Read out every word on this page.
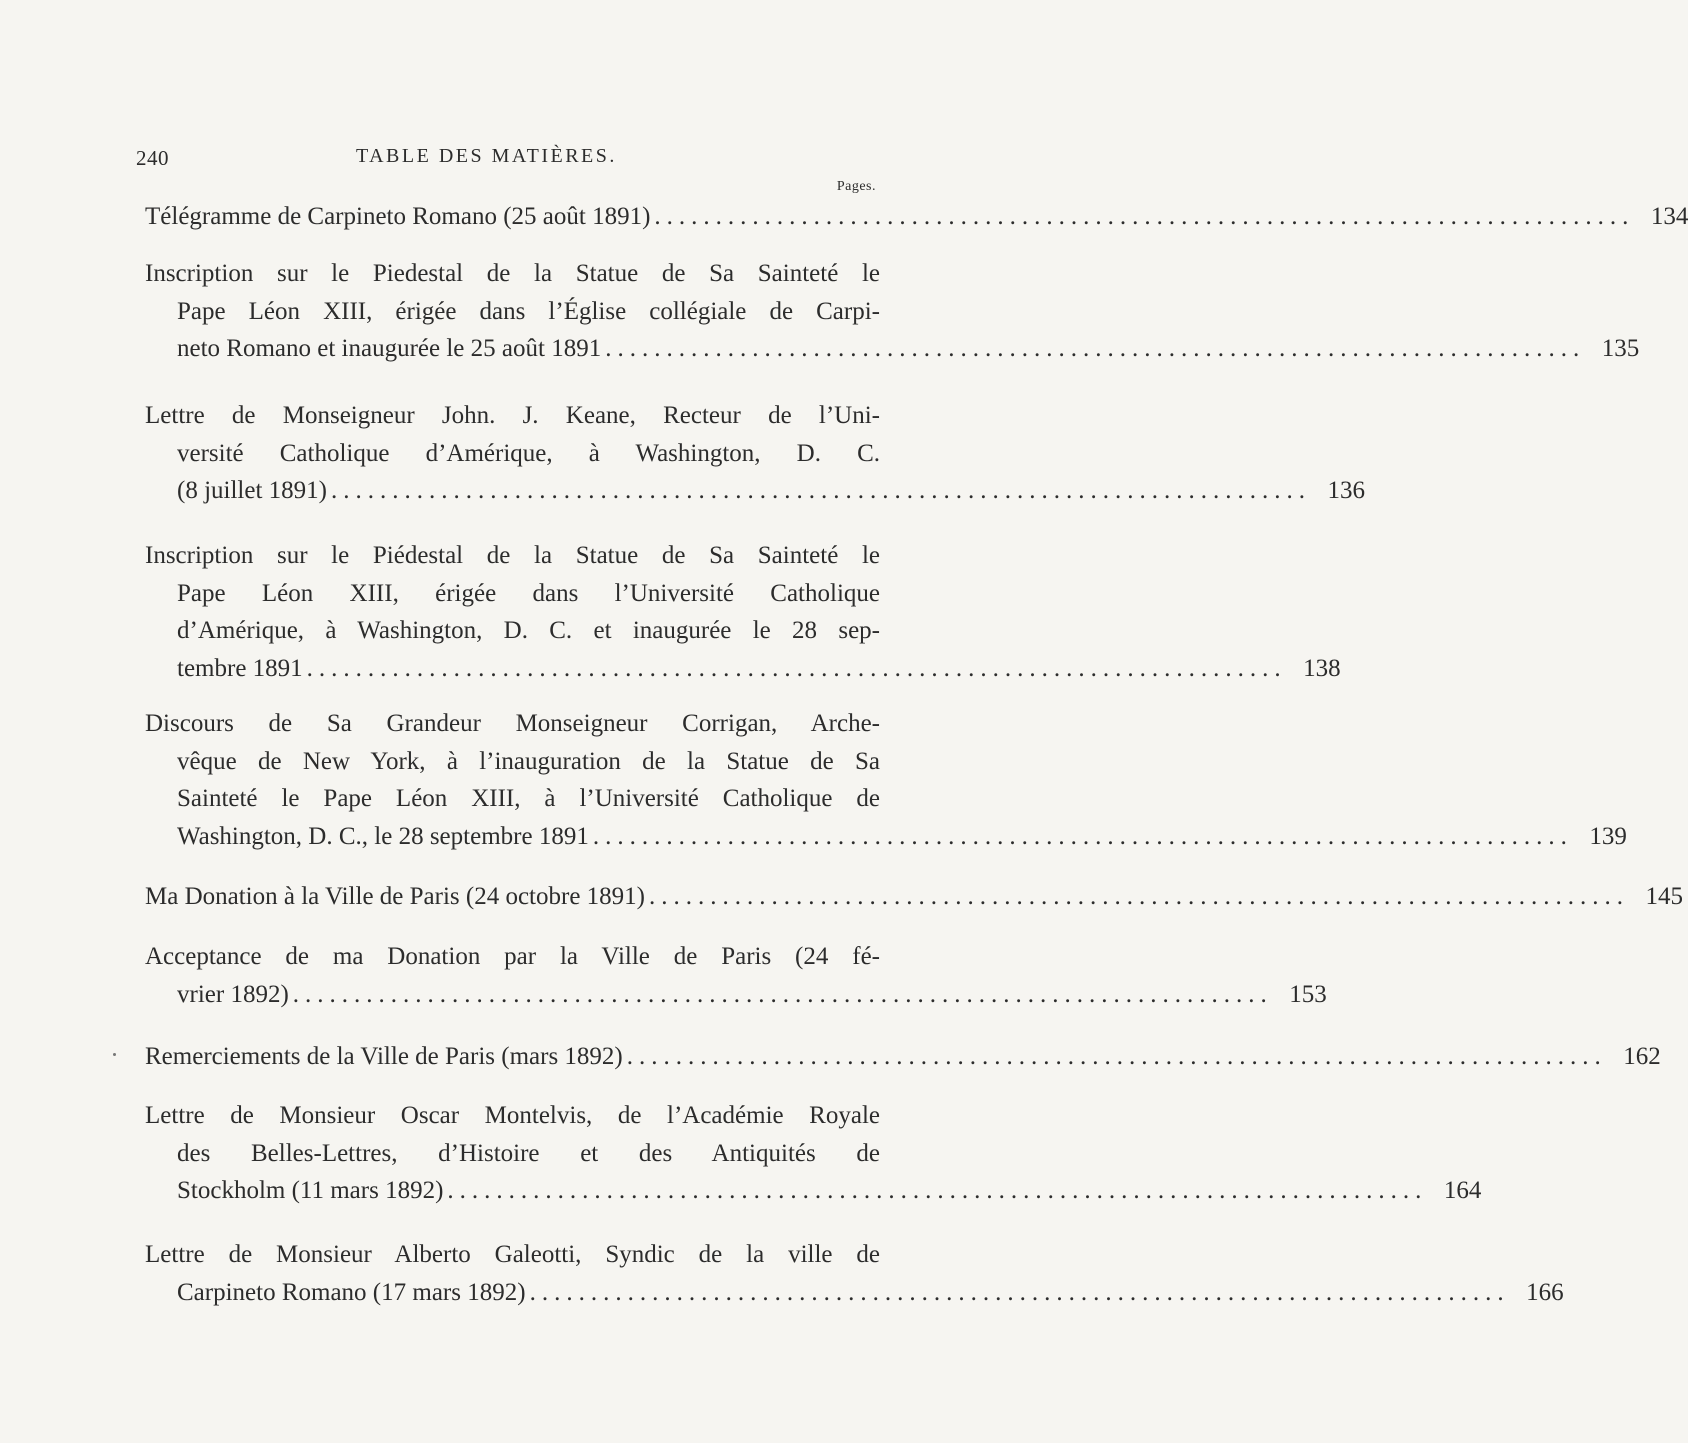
240	TABLE DES MATIÈRES.
Pages.
Télégramme de Carpineto Romano (25 août 1891) ................................................................................ 134
Inscription sur le Piedestal de la Statue de Sa Sainteté le
Pape Léon XIII, érigée dans l’Église collégiale de Carpi-
neto Romano et inaugurée le 25 août 1891 ................................................................................ 135
Lettre de Monseigneur John. J. Keane, Recteur de l’Uni-
versité Catholique d’Amérique, à Washington, D. C.
(8 juillet 1891) ................................................................................ 136
Inscription sur le Piédestal de la Statue de Sa Sainteté le
Pape Léon XIII, érigée dans l’Université Catholique
d’Amérique, à Washington, D. C. et inaugurée le 28 sep-
tembre 1891 ................................................................................ 138
Discours de Sa Grandeur Monseigneur Corrigan, Arche-
vêque de New York, à l’inauguration de la Statue de Sa
Sainteté le Pape Léon XIII, à l’Université Catholique de
Washington, D. C., le 28 septembre 1891 ................................................................................ 139
Ma Donation à la Ville de Paris (24 octobre 1891) ................................................................................ 145
Acceptance de ma Donation par la Ville de Paris (24 fé-
vrier 1892) ................................................................................ 153
Remerciements de la Ville de Paris (mars 1892) ................................................................................ 162
Lettre de Monsieur Oscar Montelvis, de l’Académie Royale
des Belles-Lettres, d’Histoire et des Antiquités de
Stockholm (11 mars 1892) ................................................................................ 164
Lettre de Monsieur Alberto Galeotti, Syndic de la ville de
Carpineto Romano (17 mars 1892) ................................................................................ 166
